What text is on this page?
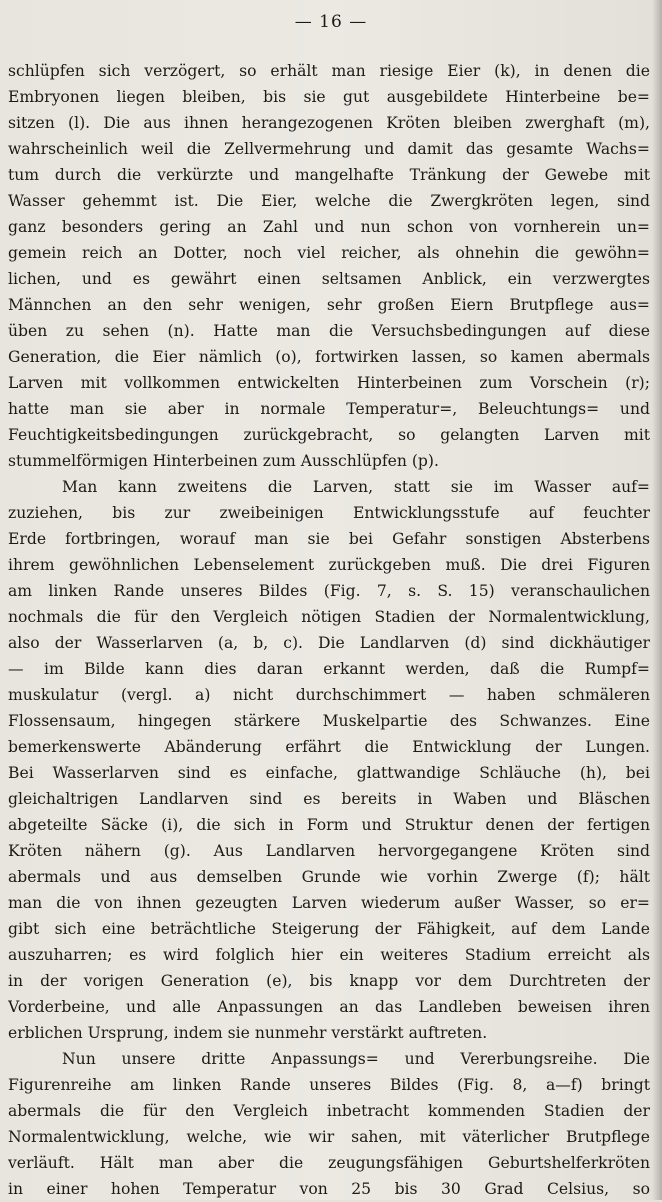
— 16 —
schlüpfen sich verzögert, so erhält man riesige Eier (k), in denen die
Embryonen liegen bleiben, bis sie gut ausgebildete Hinterbeine be=
sitzen (l). Die aus ihnen herangezogenen Kröten bleiben zwerghaft (m),
wahrscheinlich weil die Zellvermehrung und damit das gesamte Wachs=
tum durch die verkürzte und mangelhafte Tränkung der Gewebe mit
Wasser gehemmt ist. Die Eier, welche die Zwergkröten legen, sind
ganz besonders gering an Zahl und nun schon von vornherein un=
gemein reich an Dotter, noch viel reicher, als ohnehin die gewöhn=
lichen, und es gewährt einen seltsamen Anblick, ein verzwergtes
Männchen an den sehr wenigen, sehr großen Eiern Brutpflege aus=
üben zu sehen (n). Hatte man die Versuchsbedingungen auf diese
Generation, die Eier nämlich (o), fortwirken lassen, so kamen abermals
Larven mit vollkommen entwickelten Hinterbeinen zum Vorschein (r);
hatte man sie aber in normale Temperatur=, Beleuchtungs= und
Feuchtigkeitsbedingungen zurückgebracht, so gelangten Larven mit
stummelförmigen Hinterbeinen zum Ausschlüpfen (p).
Man kann zweitens die Larven, statt sie im Wasser auf=
zuziehen, bis zur zweibeinigen Entwicklungsstufe auf feuchter
Erde fortbringen, worauf man sie bei Gefahr sonstigen Absterbens
ihrem gewöhnlichen Lebenselement zurückgeben muß. Die drei Figuren
am linken Rande unseres Bildes (Fig. 7, s. S. 15) veranschaulichen
nochmals die für den Vergleich nötigen Stadien der Normalentwicklung,
also der Wasserlarven (a, b, c). Die Landlarven (d) sind dickhäutiger
— im Bilde kann dies daran erkannt werden, daß die Rumpf=
muskulatur (vergl. a) nicht durchschimmert — haben schmäleren
Flossensaum, hingegen stärkere Muskelpartie des Schwanzes. Eine
bemerkenswerte Abänderung erfährt die Entwicklung der Lungen.
Bei Wasserlarven sind es einfache, glattwandige Schläuche (h), bei
gleichaltrigen Landlarven sind es bereits in Waben und Bläschen
abgeteilte Säcke (i), die sich in Form und Struktur denen der fertigen
Kröten nähern (g). Aus Landlarven hervorgegangene Kröten sind
abermals und aus demselben Grunde wie vorhin Zwerge (f); hält
man die von ihnen gezeugten Larven wiederum außer Wasser, so er=
gibt sich eine beträchtliche Steigerung der Fähigkeit, auf dem Lande
auszuharren; es wird folglich hier ein weiteres Stadium erreicht als
in der vorigen Generation (e), bis knapp vor dem Durchtreten der
Vorderbeine, und alle Anpassungen an das Landleben beweisen ihren
erblichen Ursprung, indem sie nunmehr verstärkt auftreten.
Nun unsere dritte Anpassungs= und Vererbungsreihe. Die
Figurenreihe am linken Rande unseres Bildes (Fig. 8, a—f) bringt
abermals die für den Vergleich inbetracht kommenden Stadien der
Normalentwicklung, welche, wie wir sahen, mit väterlicher Brutpflege
verläuft. Hält man aber die zeugungsfähigen Geburtshelferkröten
in einer hohen Temperatur von 25 bis 30 Grad Celsius, so
